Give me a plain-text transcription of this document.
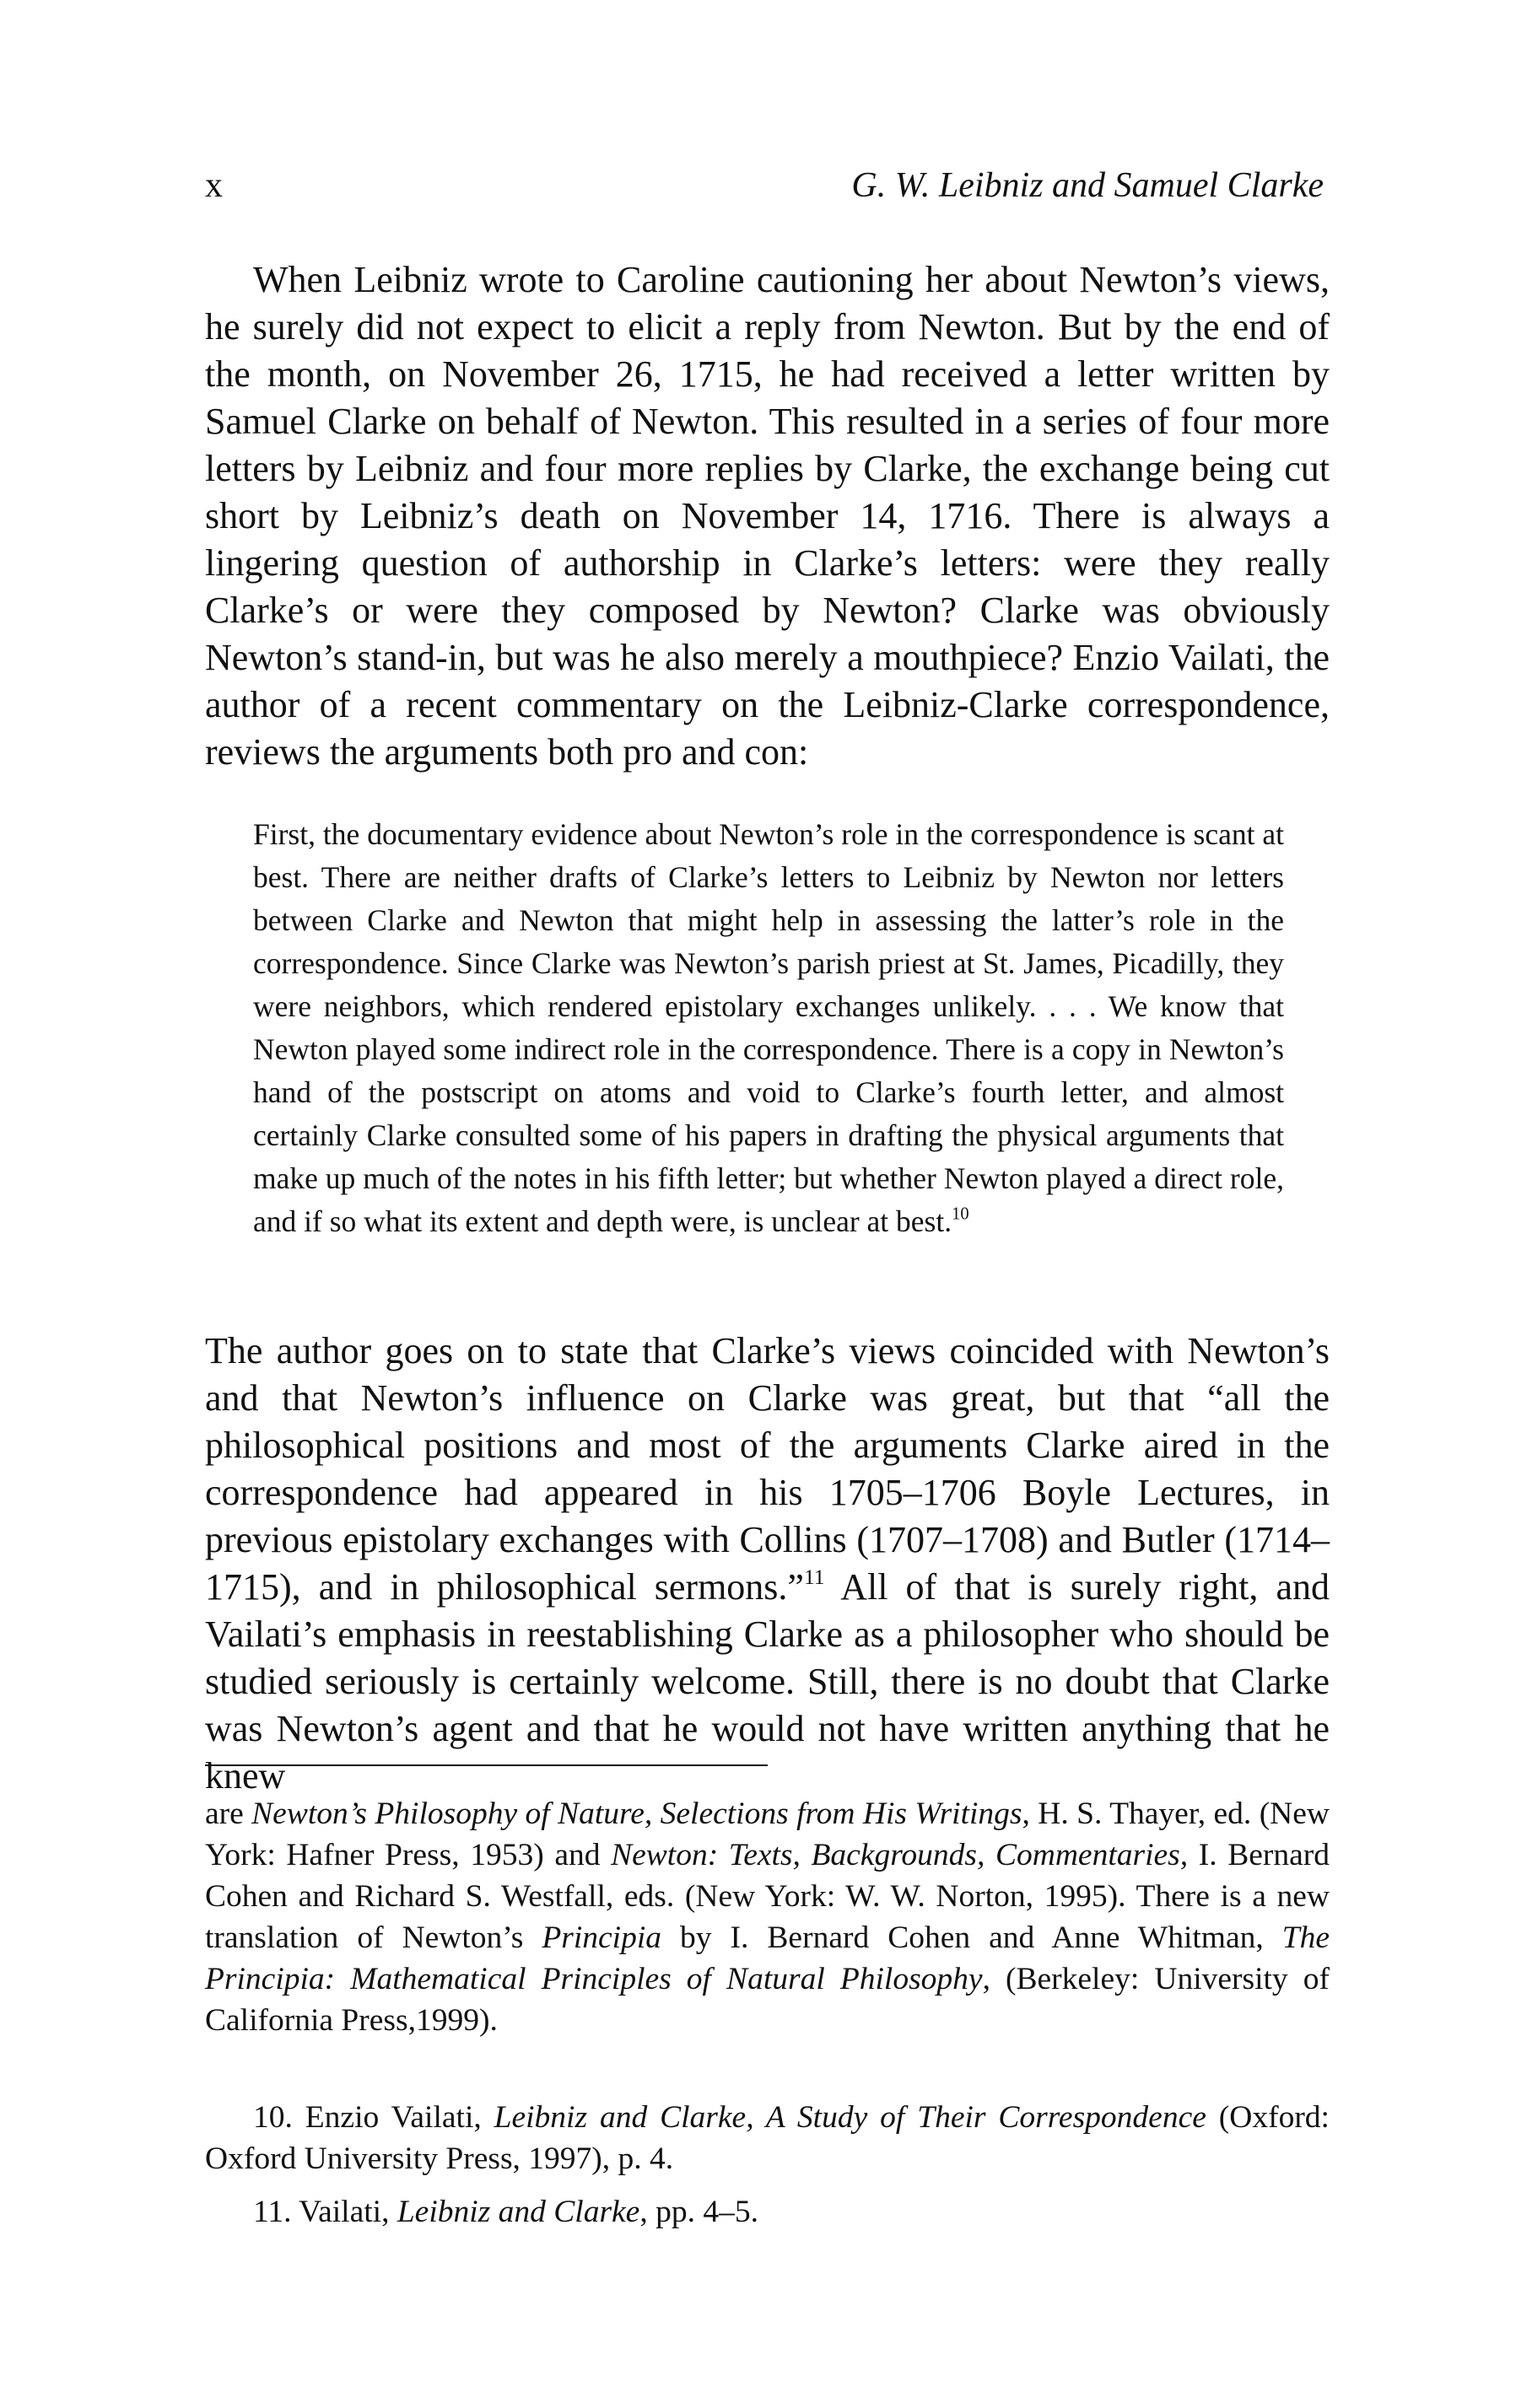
x	G. W. Leibniz and Samuel Clarke

When Leibniz wrote to Caroline cautioning her about Newton’s views, he surely did not expect to elicit a reply from Newton. But by the end of the month, on November 26, 1715, he had received a letter written by Samuel Clarke on behalf of Newton. This resulted in a series of four more letters by Leibniz and four more replies by Clarke, the exchange being cut short by Leibniz’s death on November 14, 1716. There is always a lingering question of authorship in Clarke’s letters: were they really Clarke’s or were they composed by Newton? Clarke was obviously Newton’s stand-in, but was he also merely a mouthpiece? Enzio Vailati, the author of a recent commentary on the Leibniz-Clarke correspondence, reviews the arguments both pro and con:

First, the documentary evidence about Newton’s role in the correspondence is scant at best. There are neither drafts of Clarke’s letters to Leibniz by Newton nor letters between Clarke and Newton that might help in assessing the latter’s role in the correspondence. Since Clarke was Newton’s parish priest at St. James, Picadilly, they were neighbors, which rendered epistolary exchanges unlikely. . . . We know that Newton played some indirect role in the correspondence. There is a copy in Newton’s hand of the postscript on atoms and void to Clarke’s fourth letter, and almost certainly Clarke consulted some of his papers in drafting the physical arguments that make up much of the notes in his fifth letter; but whether Newton played a direct role, and if so what its extent and depth were, is unclear at best.$^{10}$

The author goes on to state that Clarke’s views coincided with Newton’s and that Newton’s influence on Clarke was great, but that “all the philosophical positions and most of the arguments Clarke aired in the correspondence had appeared in his 1705–1706 Boyle Lectures, in previous epistolary exchanges with Collins (1707–1708) and Butler (1714–1715), and in philosophical sermons.”$^{11}$ All of that is surely right, and Vailati’s emphasis in reestablishing Clarke as a philosopher who should be studied seriously is certainly welcome. Still, there is no doubt that Clarke was Newton’s agent and that he would not have written anything that he knew

are Newton’s Philosophy of Nature, Selections from His Writings, H. S. Thayer, ed. (New York: Hafner Press, 1953) and Newton: Texts, Backgrounds, Commentaries, I. Bernard Cohen and Richard S. Westfall, eds. (New York: W. W. Norton, 1995). There is a new translation of Newton’s Principia by I. Bernard Cohen and Anne Whitman, The Principia: Mathematical Principles of Natural Philosophy, (Berkeley: University of California Press,1999).

10. Enzio Vailati, Leibniz and Clarke, A Study of Their Correspondence (Oxford: Oxford University Press, 1997), p. 4.

11. Vailati, Leibniz and Clarke, pp. 4–5.
